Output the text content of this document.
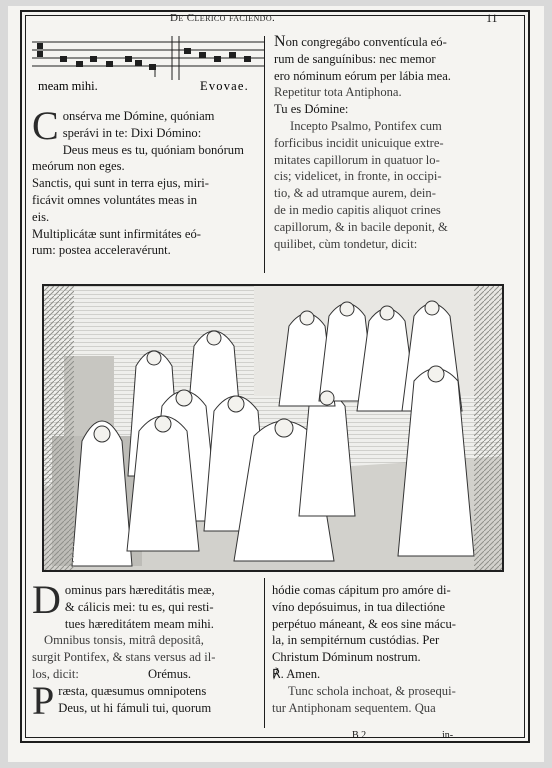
De Clerico faciendo.	11
meam mihi.	Evovae.
C onsérva me Dómine, quóniam
sperávi in te: Dixi Dómino:
Deus meus es tu, quóniam bonórum
meórum non eges.
Sanctis, qui sunt in terra ejus, miri-
ficávit omnes voluntátes meas in
eis.
Multiplicátæ sunt infirmitátes eó-
rum: postea acceleravérunt.
Non congregábo conventícula eó-
rum de sanguínibus: nec memor
ero nóminum eórum per lábia mea.
Repetitur tota Antiphona.
Tu es Dómine:
Incepto Psalmo, Pontifex cum
forficibus incidit unicuique extre-
mitates capillorum in quatuor lo-
cis; videlicet, in fronte, in occipi-
tio, & ad utramque aurem, dein-
de in medio capitis aliquot crines
capillorum, & in bacile deponit, &
quilibet, cùm tondetur, dicit:
D ominus pars hæreditátis meæ,
& cálicis mei: tu es, qui resti-
tues hæreditátem meam mihi.
Omnibus tonsis, mitrâ depositâ,
surgit Pontifex, & stans versus ad il-
los, dicit:	Orémus.
P ræsta, quæsumus omnipotens
Deus, ut hi fámuli tui, quorum
hódie comas cápitum pro amóre di-
víno depósuimus, in tua dilectióne
perpétuo máneant, & eos sine mácu-
la, in sempitérnum custódias. Per
Christum Dóminum nostrum.
℟. Amen.
Tunc schola inchoat, & prosequi-
tur Antiphonam sequentem. Qua
B 2	in-
